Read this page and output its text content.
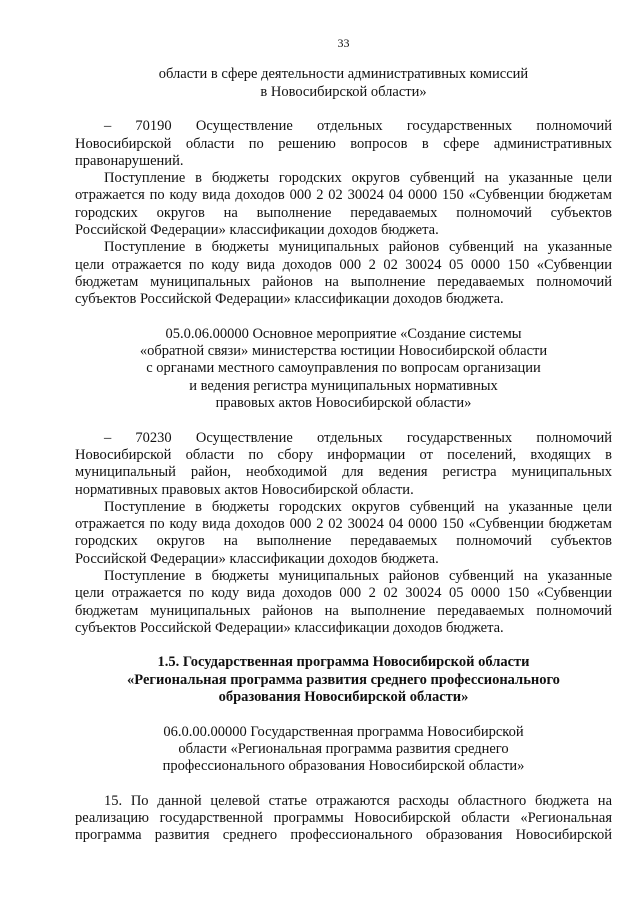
33
области в сфере деятельности административных комиссий
в Новосибирской области»
– 70190 Осуществление отдельных государственных полномочий
Новосибирской области по решению вопросов в сфере административных
правонарушений.
Поступление в бюджеты городских округов субвенций на указанные цели
отражается по коду вида доходов 000 2 02 30024 04 0000 150 «Субвенции бюджетам
городских округов на выполнение передаваемых полномочий субъектов
Российской Федерации» классификации доходов бюджета.
Поступление в бюджеты муниципальных районов субвенций на указанные
цели отражается по коду вида доходов 000 2 02 30024 05 0000 150 «Субвенции
бюджетам муниципальных районов на выполнение передаваемых полномочий
субъектов Российской Федерации» классификации доходов бюджета.
05.0.06.00000 Основное мероприятие «Создание системы
«обратной связи» министерства юстиции Новосибирской области
с органами местного самоуправления по вопросам организации
и ведения регистра муниципальных нормативных
правовых актов Новосибирской области»
– 70230 Осуществление отдельных государственных полномочий
Новосибирской области по сбору информации от поселений, входящих в
муниципальный район, необходимой для ведения регистра муниципальных
нормативных правовых актов Новосибирской области.
Поступление в бюджеты городских округов субвенций на указанные цели
отражается по коду вида доходов 000 2 02 30024 04 0000 150 «Субвенции бюджетам
городских округов на выполнение передаваемых полномочий субъектов
Российской Федерации» классификации доходов бюджета.
Поступление в бюджеты муниципальных районов субвенций на указанные
цели отражается по коду вида доходов 000 2 02 30024 05 0000 150 «Субвенции
бюджетам муниципальных районов на выполнение передаваемых полномочий
субъектов Российской Федерации» классификации доходов бюджета.
1.5. Государственная программа Новосибирской области
«Региональная программа развития среднего профессионального
образования Новосибирской области»
06.0.00.00000 Государственная программа Новосибирской
области «Региональная программа развития среднего
профессионального образования Новосибирской области»
15. По данной целевой статье отражаются расходы областного бюджета на
реализацию государственной программы Новосибирской области «Региональная
программа развития среднего профессионального образования Новосибирской
